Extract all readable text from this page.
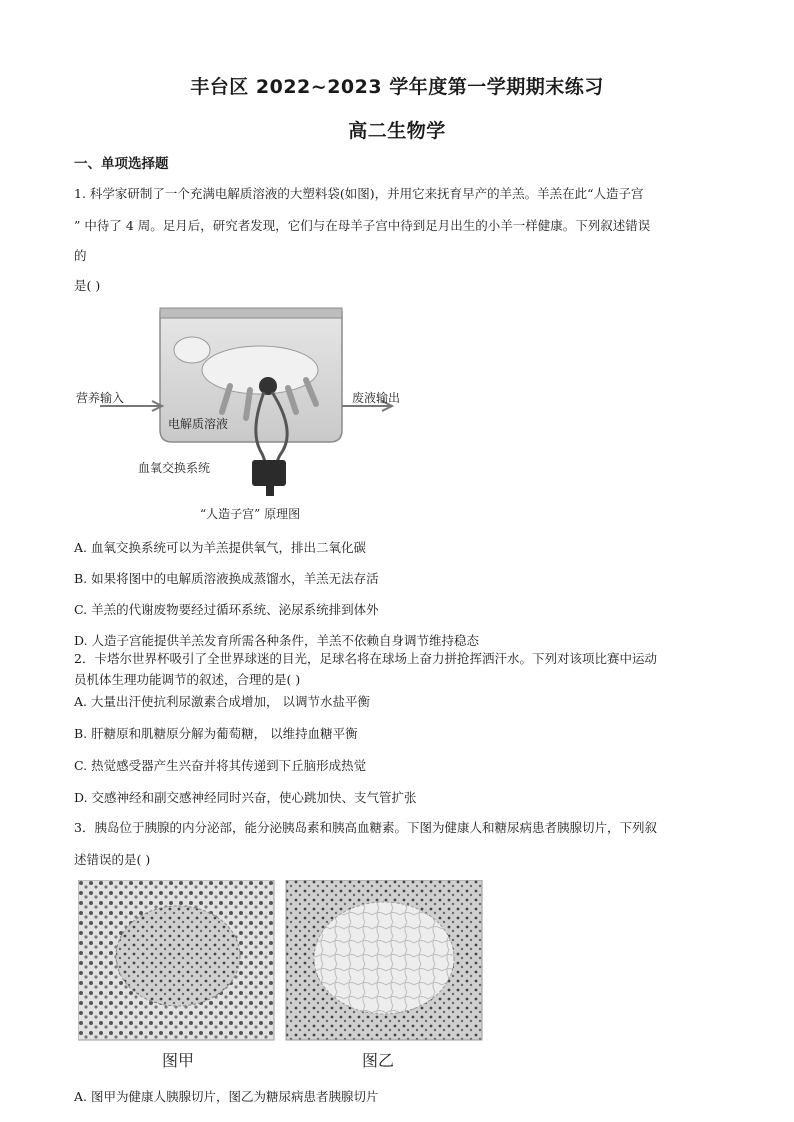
丰台区 2022~2023 学年度第一学期期末练习
高二生物学
一、单项选择题
1. 科学家研制了一个充满电解质溶液的大塑料袋(如图)，并用它来抚育早产的羊羔。羊羔在此“人造子宫
” 中待了 4 周。足月后，研究者发现，它们与在母羊子宫中待到足月出生的小羊一样健康。下列叙述错误
的
是( )
营养输入	废液输出
电解质溶液
血氧交换系统
“人造子宫” 原理图
A. 血氧交换系统可以为羊羔提供氧气，排出二氧化碳
B. 如果将图中的电解质溶液换成蒸馏水，羊羔无法存活
C. 羊羔的代谢废物要经过循环系统、泌尿系统排到体外
D. 人造子宫能提供羊羔发育所需各种条件，羊羔不依赖自身调节维持稳态
2．卡塔尔世界杯吸引了全世界球迷的目光，足球名将在球场上奋力拼抢挥洒汗水。下列对该项比赛中运动
员机体生理功能调节的叙述，合理的是( )
A. 大量出汗使抗利尿激素合成增加， 以调节水盐平衡
B. 肝糖原和肌糖原分解为葡萄糖， 以维持血糖平衡
C. 热觉感受器产生兴奋并将其传递到下丘脑形成热觉
D. 交感神经和副交感神经同时兴奋，使心跳加快、支气管扩张
3．胰岛位于胰腺的内分泌部，能分泌胰岛素和胰高血糖素。下图为健康人和糖尿病患者胰腺切片，下列叙
述错误的是( )
图甲	图乙
A. 图甲为健康人胰腺切片，图乙为糖尿病患者胰腺切片
